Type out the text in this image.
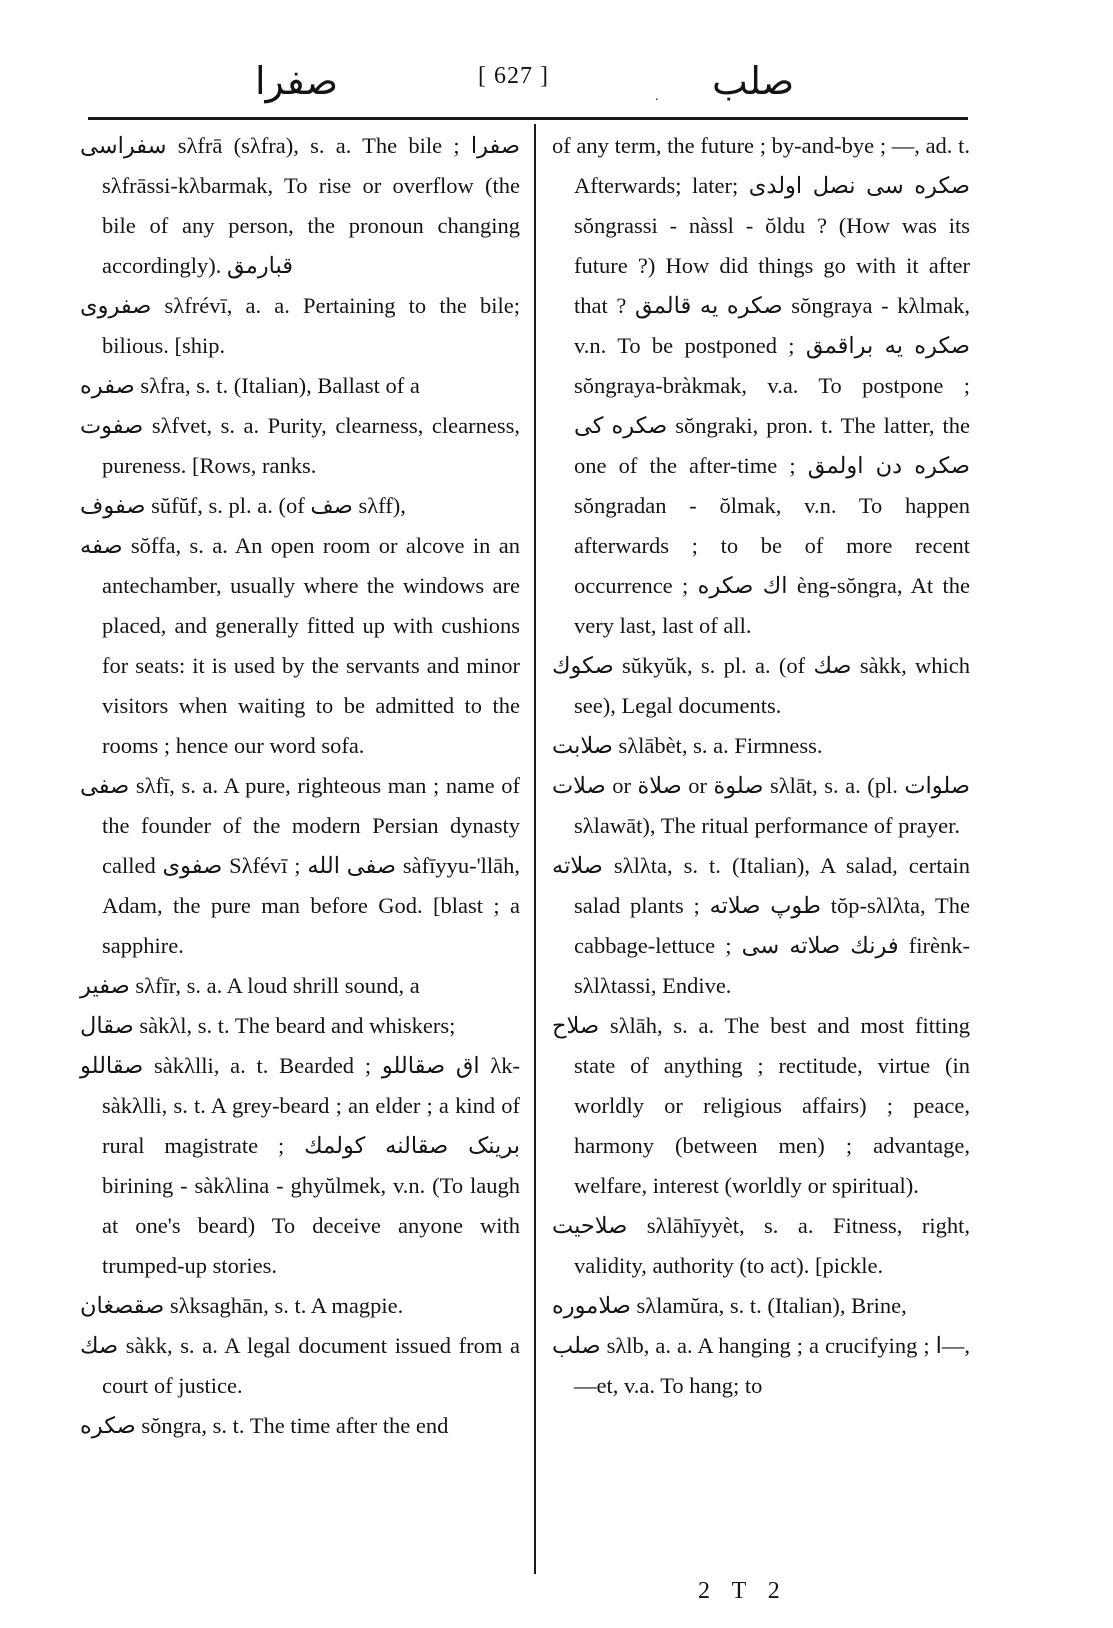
صفرا	[ 627 ]
. صلب

سفراسی sλfrā (sλfra), s. a. The bile ; صفرا sλfrāssi-kλbarmak, To rise or overflow (the bile of any person, the pronoun changing accordingly). قبارمق

صفروی sλfrévī, a. a. Pertaining to the bile; bilious. [ship.

صفره sλfra, s. t. (Italian), Ballast of a

صفوت sλfvet, s. a. Purity, clearness, clearness, pureness. [Rows, ranks.

صفوف sŭfŭf, s. pl. a. (of صف sλff),

صفه sŏffa, s. a. An open room or alcove in an antechamber, usually where the windows are placed, and generally fitted up with cushions for seats: it is used by the servants and minor visitors when waiting to be admitted to the rooms ; hence our word sofa.

صفی sλfī, s. a. A pure, righteous man ; name of the founder of the modern Persian dynasty called صفوی Sλfévī ; صفی الله sàfīyyu-'llāh, Adam, the pure man before God. [blast ; a sapphire.

صفیر sλfīr, s. a. A loud shrill sound, a

صقال sàkλl, s. t. The beard and whiskers;

صقاللو sàkλlli, a. t. Bearded ; اق صقاللو λk-sàkλlli, s. t. A grey-beard ; an elder ; a kind of rural magistrate ; برینک صقالنه کولمك birining - sàkλlina - ghyŭlmek, v.n. (To laugh at one's beard) To deceive anyone with trumped-up stories.

صقصغان sλksaghān, s. t. A magpie.

صك sàkk, s. a. A legal document issued from a court of justice.

صکره sŏngra, s. t. The time after the end

of any term, the future ; by-and-bye ; —, ad. t. Afterwards; later; صکره سی نصل اولدی sŏngrassi - nàssl - ŏldu ? (How was its future ?) How did things go with it after that ? صکره یه قالمق sŏngraya - kλlmak, v.n. To be postponed ; صکره یه براقمق sŏngraya-bràkmak, v.a. To postpone ; صکره کی sŏngraki, pron. t. The latter, the one of the after-time ; صکره دن اولمق sŏngradan - ŏlmak, v.n. To happen afterwards ; to be of more recent occurrence ; اك صکره èng-sŏngra, At the very last, last of all.

صکوك sŭkyŭk, s. pl. a. (of صك sàkk, which see), Legal documents.

صلابت sλlābèt, s. a. Firmness.

صلات or صلاة or صلوة sλlāt, s. a. (pl. صلوات sλlawāt), The ritual performance of prayer.

صلاته sλlλta, s. t. (Italian), A salad, certain salad plants ; طوپ صلاته tŏp-sλlλta, The cabbage-lettuce ; فرنك صلاته سی firènk-sλlλtassi, Endive.

صلاح sλlāh, s. a. The best and most fitting state of anything ; rectitude, virtue (in worldly or religious affairs) ; peace, harmony (between men) ; advantage, welfare, interest (worldly or spiritual).

صلاحیت sλlāhīyyèt, s. a. Fitness, right, validity, authority (to act). [pickle.

صلاموره sλlamŭra, s. t. (Italian), Brine,

صلب sλlb, a. a. A hanging ; a crucifying ; ا—, —et, v.a. To hang; to

2 T 2
